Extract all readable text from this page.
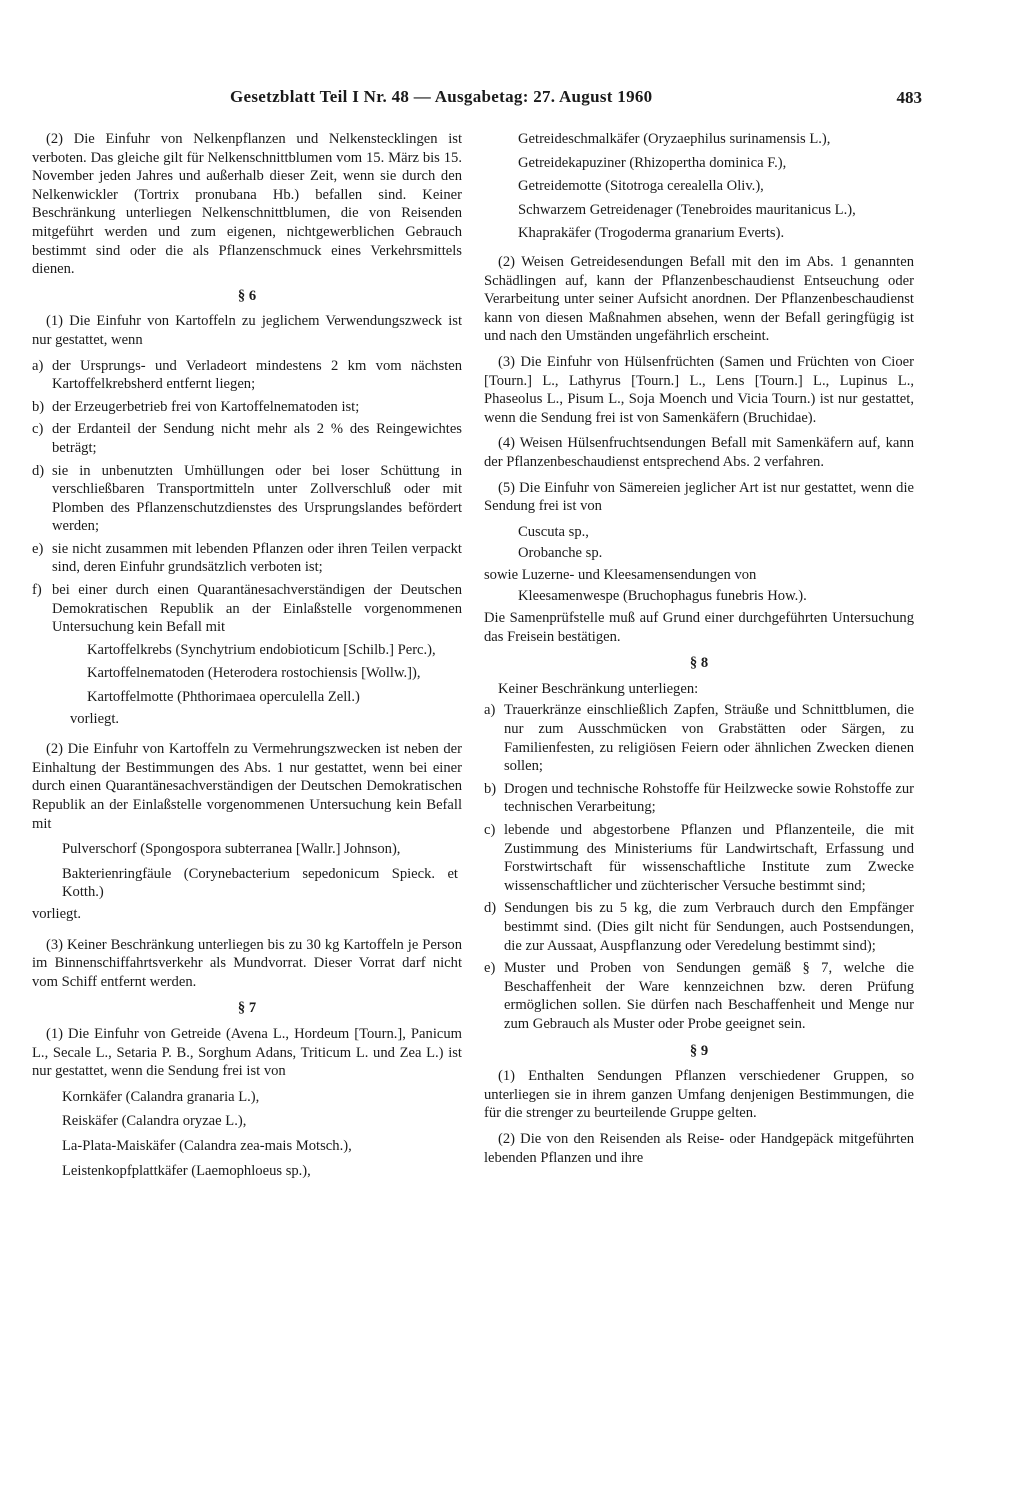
Gesetzblatt Teil I Nr. 48 — Ausgabetag: 27. August 1960	483

(2) Die Einfuhr von Nelkenpflanzen und Nelkenstecklingen ist verboten. Das gleiche gilt für Nelkenschnittblumen vom 15. März bis 15. November jeden Jahres und außerhalb dieser Zeit, wenn sie durch den Nelkenwickler (Tortrix pronubana Hb.) befallen sind. Keiner Beschränkung unterliegen Nelkenschnittblumen, die von Reisenden mitgeführt werden und zum eigenen, nichtgewerblichen Gebrauch bestimmt sind oder die als Pflanzenschmuck eines Verkehrsmittels dienen.

§ 6

(1) Die Einfuhr von Kartoffeln zu jeglichem Verwendungszweck ist nur gestattet, wenn

a) der Ursprungs- und Verladeort mindestens 2 km vom nächsten Kartoffelkrebsherd entfernt liegen;
b) der Erzeugerbetrieb frei von Kartoffelnematoden ist;
c) der Erdanteil der Sendung nicht mehr als 2 % des Reingewichtes beträgt;
d) sie in unbenutzten Umhüllungen oder bei loser Schüttung in verschließbaren Transportmitteln unter Zollverschluß oder mit Plomben des Pflanzenschutzdienstes des Ursprungslandes befördert werden;
e) sie nicht zusammen mit lebenden Pflanzen oder ihren Teilen verpackt sind, deren Einfuhr grundsätzlich verboten ist;
f) bei einer durch einen Quarantänesachverständigen der Deutschen Demokratischen Republik an der Einlaßstelle vorgenommenen Untersuchung kein Befall mit

Kartoffelkrebs (Synchytrium endobioticum [Schilb.] Perc.),

Kartoffelnematoden (Heterodera rostochiensis [Wollw.]),

Kartoffelmotte (Phthorimaea operculella Zell.)

vorliegt.

(2) Die Einfuhr von Kartoffeln zu Vermehrungszwecken ist neben der Einhaltung der Bestimmungen des Abs. 1 nur gestattet, wenn bei einer durch einen Quarantänesachverständigen der Deutschen Demokratischen Republik an der Einlaßstelle vorgenommenen Untersuchung kein Befall mit

Pulverschorf (Spongospora subterranea [Wallr.] Johnson),

Bakterienringfäule (Corynebacterium sepedonicum Spieck. et Kotth.)

vorliegt.

(3) Keiner Beschränkung unterliegen bis zu 30 kg Kartoffeln je Person im Binnenschiffahrtsverkehr als Mundvorrat. Dieser Vorrat darf nicht vom Schiff entfernt werden.

§ 7

(1) Die Einfuhr von Getreide (Avena L., Hordeum [Tourn.], Panicum L., Secale L., Setaria P. B., Sorghum Adans, Triticum L. und Zea L.) ist nur gestattet, wenn die Sendung frei ist von

Kornkäfer (Calandra granaria L.),

Reiskäfer (Calandra oryzae L.),

La-Plata-Maiskäfer (Calandra zea-mais Motsch.),

Leistenkopfplattkäfer (Laemophloeus sp.),

Getreideschmalkäfer (Oryzaephilus surinamensis L.),

Getreidekapuziner (Rhizopertha dominica F.),

Getreidemotte (Sitotroga cerealella Oliv.),

Schwarzem Getreidenager (Tenebroides mauritanicus L.),

Khaprakäfer (Trogoderma granarium Everts).

(2) Weisen Getreidesendungen Befall mit den im Abs. 1 genannten Schädlingen auf, kann der Pflanzenbeschaudienst Entseuchung oder Verarbeitung unter seiner Aufsicht anordnen. Der Pflanzenbeschaudienst kann von diesen Maßnahmen absehen, wenn der Befall geringfügig ist und nach den Umständen ungefährlich erscheint.

(3) Die Einfuhr von Hülsenfrüchten (Samen und Früchten von Cioer [Tourn.] L., Lathyrus [Tourn.] L., Lens [Tourn.] L., Lupinus L., Phaseolus L., Pisum L., Soja Moench und Vicia Tourn.) ist nur gestattet, wenn die Sendung frei ist von Samenkäfern (Bruchidae).

(4) Weisen Hülsenfruchtsendungen Befall mit Samenkäfern auf, kann der Pflanzenbeschaudienst entsprechend Abs. 2 verfahren.

(5) Die Einfuhr von Sämereien jeglicher Art ist nur gestattet, wenn die Sendung frei ist von

Cuscuta sp.,

Orobanche sp.

sowie Luzerne- und Kleesamensendungen von

Kleesamenwespe (Bruchophagus funebris How.).

Die Samenprüfstelle muß auf Grund einer durchgeführten Untersuchung das Freisein bestätigen.

§ 8

Keiner Beschränkung unterliegen:

a) Trauerkränze einschließlich Zapfen, Sträuße und Schnittblumen, die nur zum Ausschmücken von Grabstätten oder Särgen, zu Familienfesten, zu religiösen Feiern oder ähnlichen Zwecken dienen sollen;
b) Drogen und technische Rohstoffe für Heilzwecke sowie Rohstoffe zur technischen Verarbeitung;
c) lebende und abgestorbene Pflanzen und Pflanzenteile, die mit Zustimmung des Ministeriums für Landwirtschaft, Erfassung und Forstwirtschaft für wissenschaftliche Institute zum Zwecke wissenschaftlicher und züchterischer Versuche bestimmt sind;
d) Sendungen bis zu 5 kg, die zum Verbrauch durch den Empfänger bestimmt sind. (Dies gilt nicht für Sendungen, auch Postsendungen, die zur Aussaat, Auspflanzung oder Veredelung bestimmt sind);
e) Muster und Proben von Sendungen gemäß § 7, welche die Beschaffenheit der Ware kennzeichnen bzw. deren Prüfung ermöglichen sollen. Sie dürfen nach Beschaffenheit und Menge nur zum Gebrauch als Muster oder Probe geeignet sein.
§ 9

(1) Enthalten Sendungen Pflanzen verschiedener Gruppen, so unterliegen sie in ihrem ganzen Umfang denjenigen Bestimmungen, die für die strenger zu beurteilende Gruppe gelten.

(2) Die von den Reisenden als Reise- oder Handgepäck mitgeführten lebenden Pflanzen und ihre
